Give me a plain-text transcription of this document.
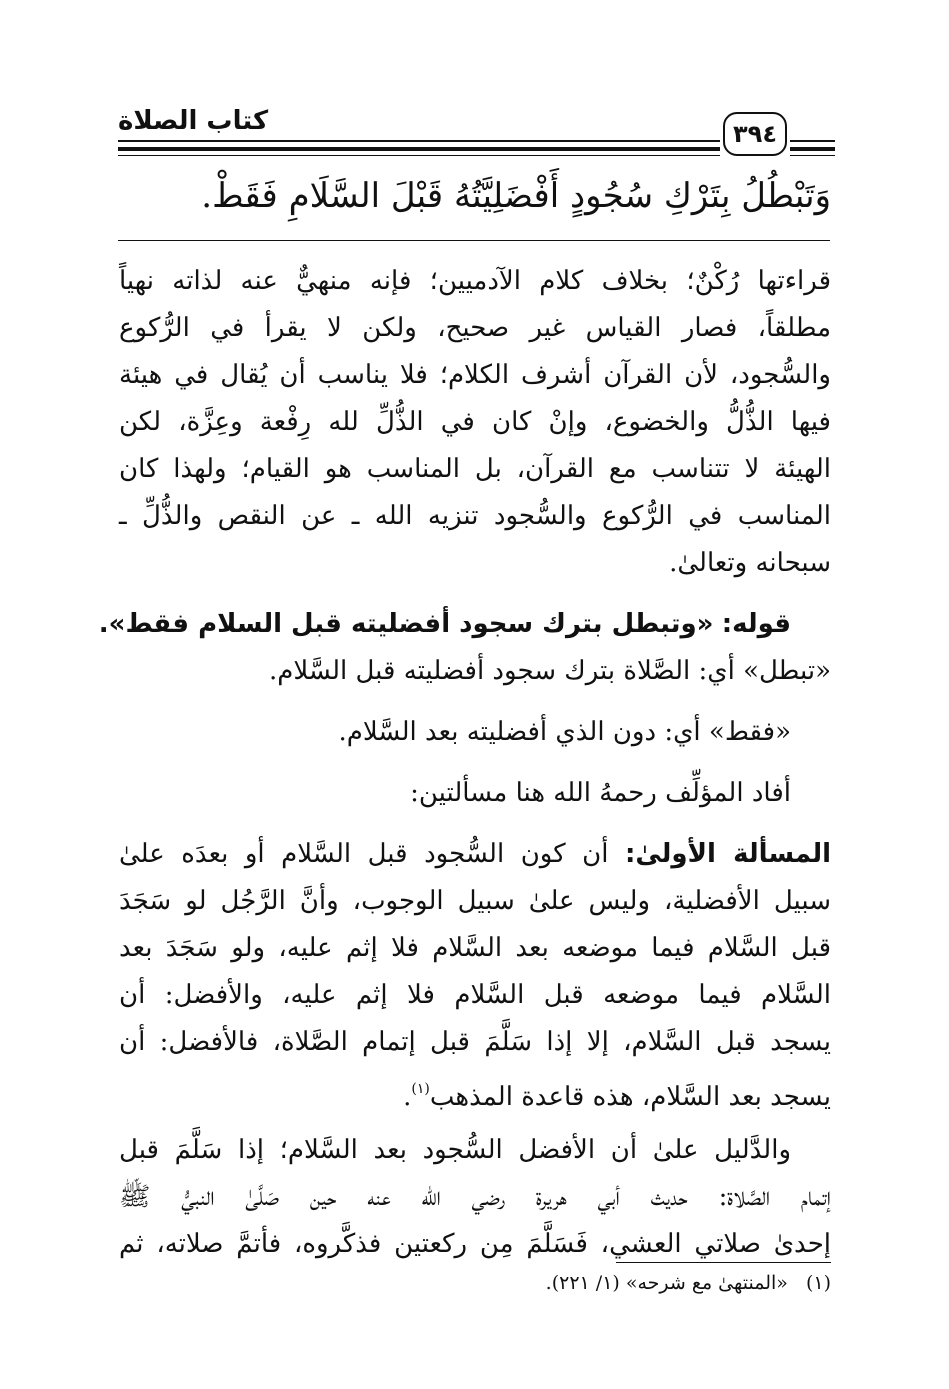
كتاب الصلاة	٣٩٤
وَتَبْطُلُ بِتَرْكِ سُجُودٍ أَفْضَلِيَّتُهُ قَبْلَ السَّلَامِ فَقَطْ.
قراءتها رُكْنٌ؛ بخلاف كلام الآدميين؛ فإنه منهيٌّ عنه لذاته نهياً
مطلقاً، فصار القياس غير صحيح، ولكن لا يقرأ في الرُّكوع
والسُّجود، لأن القرآن أشرف الكلام؛ فلا يناسب أن يُقال في هيئة
فيها الذُّلُّ والخضوع، وإنْ كان في الذُّلِّ لله رِفْعة وعِزَّة، لكن
الهيئة لا تتناسب مع القرآن، بل المناسب هو القيام؛ ولهذا كان
المناسب في الرُّكوع والسُّجود تنزيه الله ـ عن النقص والذُّلِّ ـ
سبحانه وتعالىٰ.
قوله: «وتبطل بترك سجود أفضليته قبل السلام فقط».
«تبطل» أي: الصَّلاة بترك سجود أفضليته قبل السَّلام.
«فقط» أي: دون الذي أفضليته بعد السَّلام.
أفاد المؤلِّف رحمهُ الله هنا مسألتين:
المسألة الأولىٰ: أن كون السُّجود قبل السَّلام أو بعدَه علىٰ
سبيل الأفضلية، وليس علىٰ سبيل الوجوب، وأنَّ الرَّجُل لو سَجَدَ
قبل السَّلام فيما موضعه بعد السَّلام فلا إثم عليه، ولو سَجَدَ بعد
السَّلام فيما موضعه قبل السَّلام فلا إثم عليه، والأفضل: أن
يسجد قبل السَّلام، إلا إذا سَلَّمَ قبل إتمام الصَّلاة، فالأفضل: أن
يسجد بعد السَّلام، هذه قاعدة المذهب$^{(١)}$.
والدَّليل علىٰ أن الأفضل السُّجود بعد السَّلام؛ إذا سَلَّمَ قبل
إتمام الصَّلاة: حديث أبي هريرة رضي الله عنه حين صَلَّىٰ النبيُّ ﷺ
إحدىٰ صلاتي العشي، فَسَلَّمَ مِن ركعتين فذكَّروه، فأتمَّ صلاته، ثم
(١)«المنتهىٰ مع شرحه» (١/ ٢٢١).
